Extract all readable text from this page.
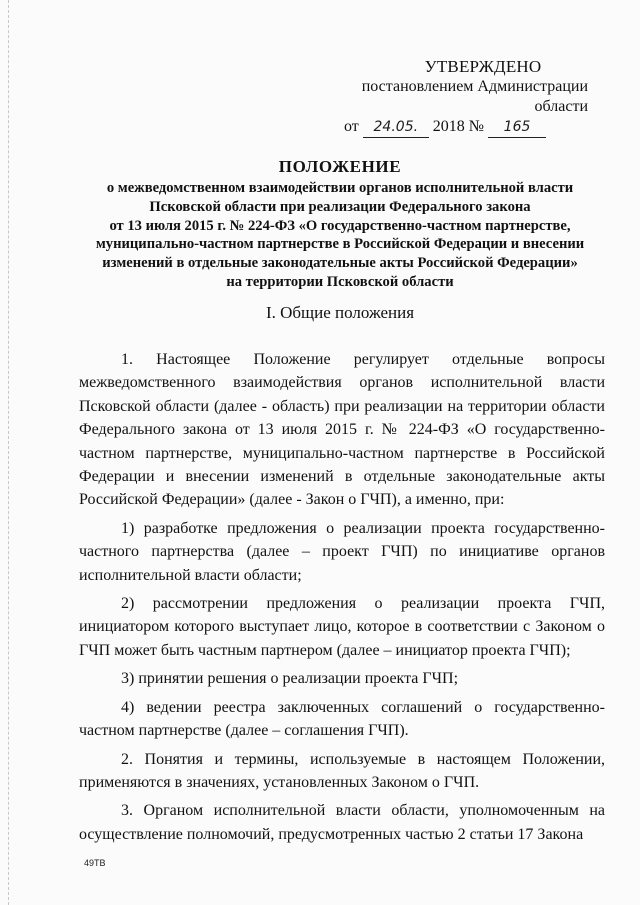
УТВЕРЖДЕНО
постановлением Администрации области
от 24.05. 2018 № 165
ПОЛОЖЕНИЕ
о межведомственном взаимодействии органов исполнительной власти
Псковской области при реализации Федерального закона
от 13 июля 2015 г. № 224-ФЗ «О государственно-частном партнерстве,
муниципально-частном партнерстве в Российской Федерации и внесении
изменений в отдельные законодательные акты Российской Федерации»
на территории Псковской области
I. Общие положения

1. Настоящее Положение регулирует отдельные вопросы межведомственного взаимодействия органов исполнительной власти Псковской области (далее - область) при реализации на территории области Федерального закона от 13 июля 2015 г. № 224-ФЗ «О государственно-частном партнерстве, муниципально-частном партнерстве в Российской Федерации и внесении изменений в отдельные законодательные акты Российской Федерации» (далее - Закон о ГЧП), а именно, при:

1) разработке предложения о реализации проекта государственно-частного партнерства (далее – проект ГЧП) по инициативе органов исполнительной власти области;

2) рассмотрении предложения о реализации проекта ГЧП, инициатором которого выступает лицо, которое в соответствии с Законом о ГЧП может быть частным партнером (далее – инициатор проекта ГЧП);

3) принятии решения о реализации проекта ГЧП;

4) ведении реестра заключенных соглашений о государственно-частном партнерстве (далее – соглашения ГЧП).

2. Понятия и термины, используемые в настоящем Положении, применяются в значениях, установленных Законом о ГЧП.

3. Органом исполнительной власти области, уполномоченным на осуществление полномочий, предусмотренных частью 2 статьи 17 Закона

49ТВ
